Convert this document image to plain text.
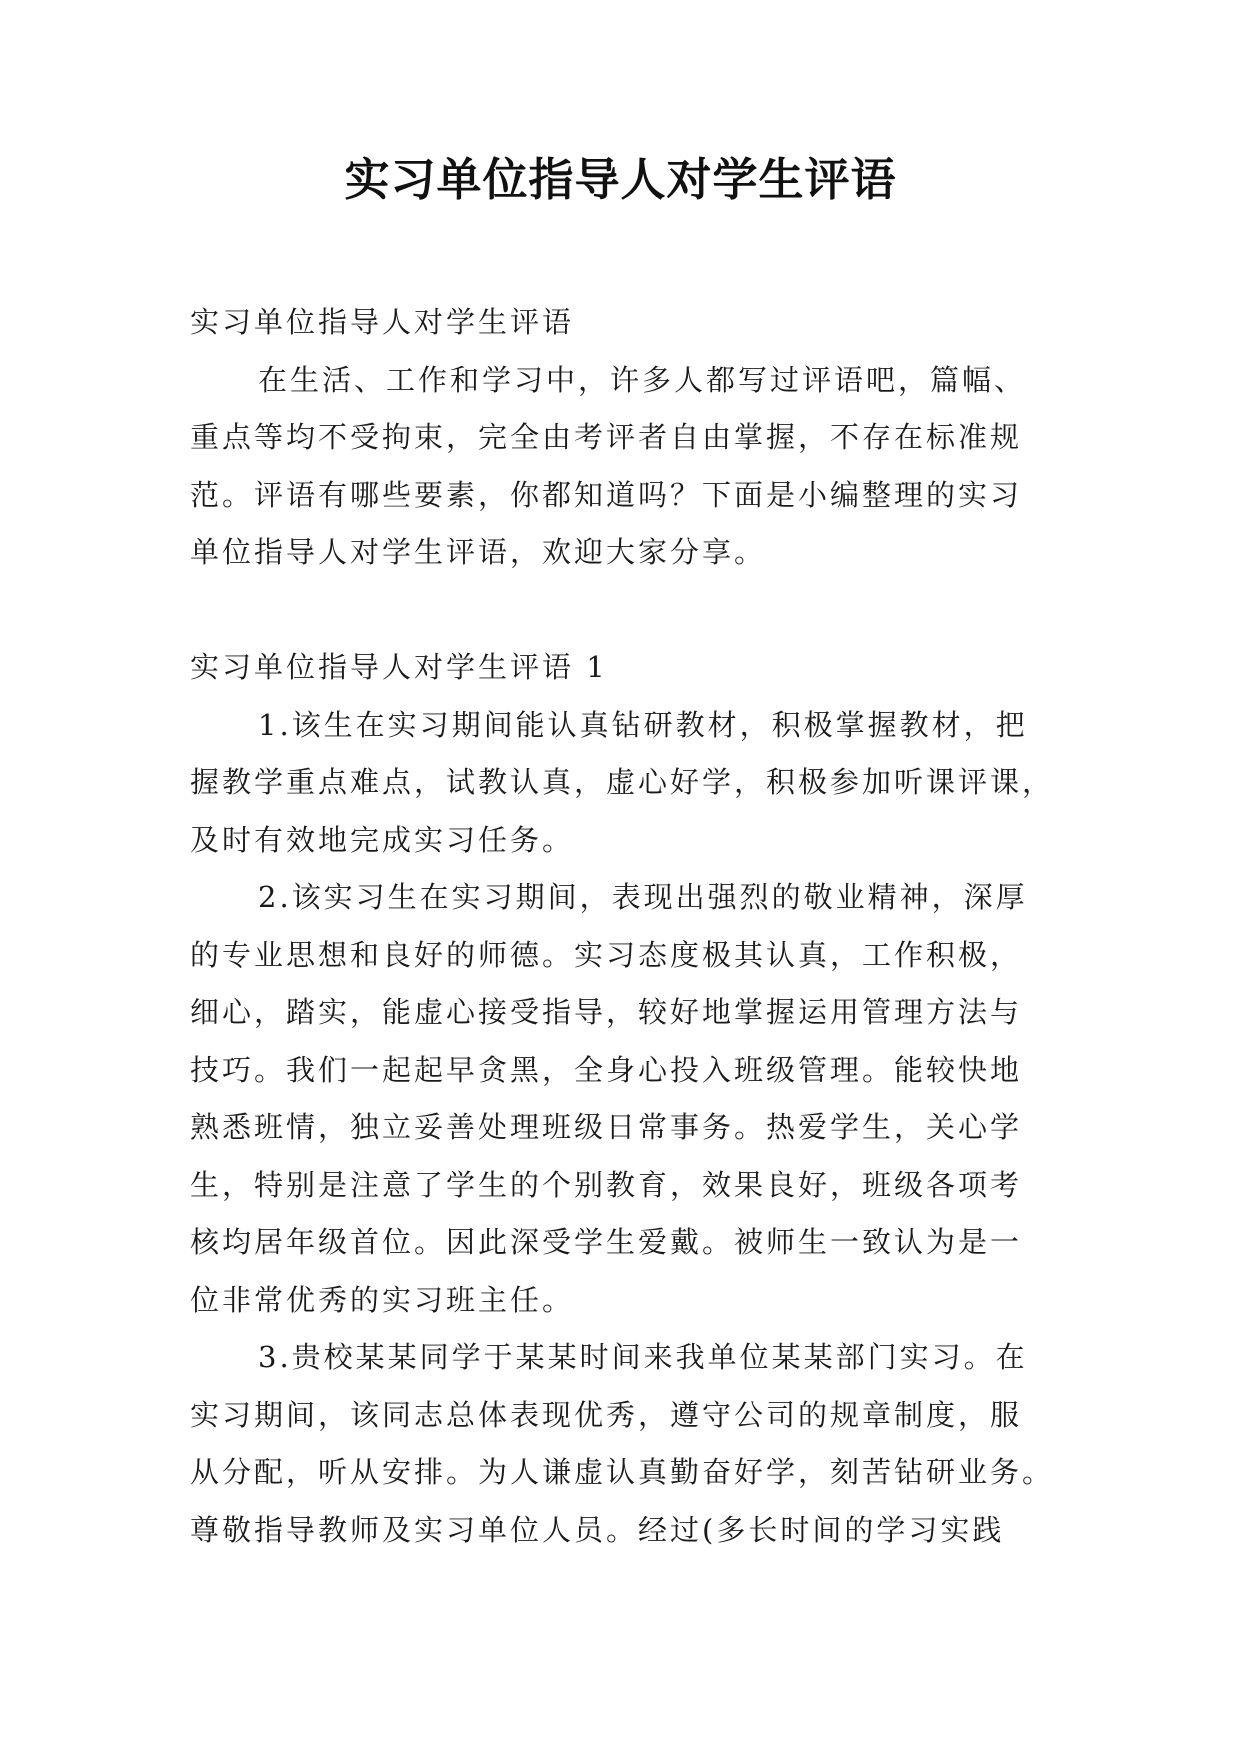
实习单位指导人对学生评语
实习单位指导人对学生评语
在生活、工作和学习中，许多人都写过评语吧，篇幅、
重点等均不受拘束，完全由考评者自由掌握，不存在标准规
范。评语有哪些要素，你都知道吗？下面是小编整理的实习
单位指导人对学生评语，欢迎大家分享。
实习单位指导人对学生评语 1
1.该生在实习期间能认真钻研教材，积极掌握教材，把
握教学重点难点，试教认真，虚心好学，积极参加听课评课，
及时有效地完成实习任务。
2.该实习生在实习期间，表现出强烈的敬业精神，深厚
的专业思想和良好的师德。实习态度极其认真，工作积极，
细心，踏实，能虚心接受指导，较好地掌握运用管理方法与
技巧。我们一起起早贪黑，全身心投入班级管理。能较快地
熟悉班情，独立妥善处理班级日常事务。热爱学生，关心学
生，特别是注意了学生的个别教育，效果良好，班级各项考
核均居年级首位。因此深受学生爱戴。被师生一致认为是一
位非常优秀的实习班主任。
3.贵校某某同学于某某时间来我单位某某部门实习。在
实习期间，该同志总体表现优秀，遵守公司的规章制度，服
从分配，听从安排。为人谦虚认真勤奋好学，刻苦钻研业务。
尊敬指导教师及实习单位人员。经过(多长时间的学习实践
